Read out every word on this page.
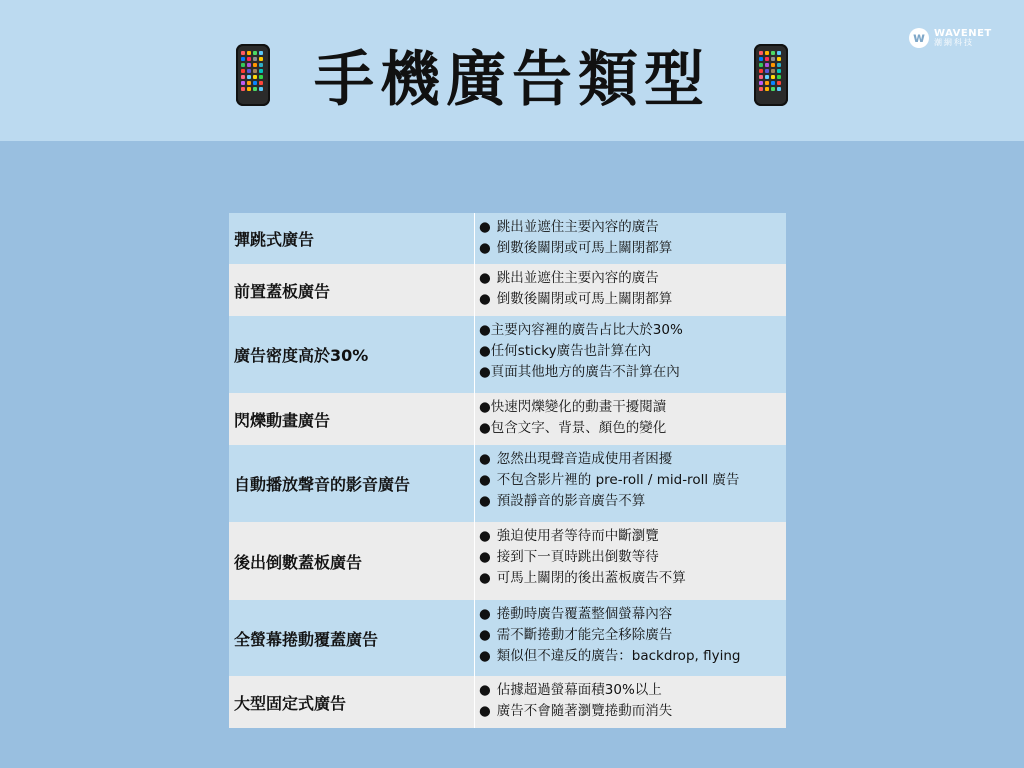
手機廣告類型
w WAVENET
潮網科技
彈跳式廣告
● 跳出並遮住主要內容的廣告
● 倒數後關閉或可馬上關閉都算
前置蓋板廣告
● 跳出並遮住主要內容的廣告
● 倒數後關閉或可馬上關閉都算
廣告密度高於30%
●主要內容裡的廣告占比大於30%
●任何sticky廣告也計算在內
●頁面其他地方的廣告不計算在內
閃爍動畫廣告
●快速閃爍變化的動畫干擾閱讀
●包含文字、背景、顏色的變化
自動播放聲音的影音廣告
● 忽然出現聲音造成使用者困擾
● 不包含影片裡的 pre-roll / mid-roll 廣告
● 預設靜音的影音廣告不算
後出倒數蓋板廣告
● 強迫使用者等待而中斷瀏覽
● 接到下一頁時跳出倒數等待
● 可馬上關閉的後出蓋板廣告不算
全螢幕捲動覆蓋廣告
● 捲動時廣告覆蓋整個螢幕內容
● 需不斷捲動才能完全移除廣告
● 類似但不違反的廣告：backdrop, flying
大型固定式廣告
● 佔據超過螢幕面積30%以上
● 廣告不會隨著瀏覽捲動而消失
